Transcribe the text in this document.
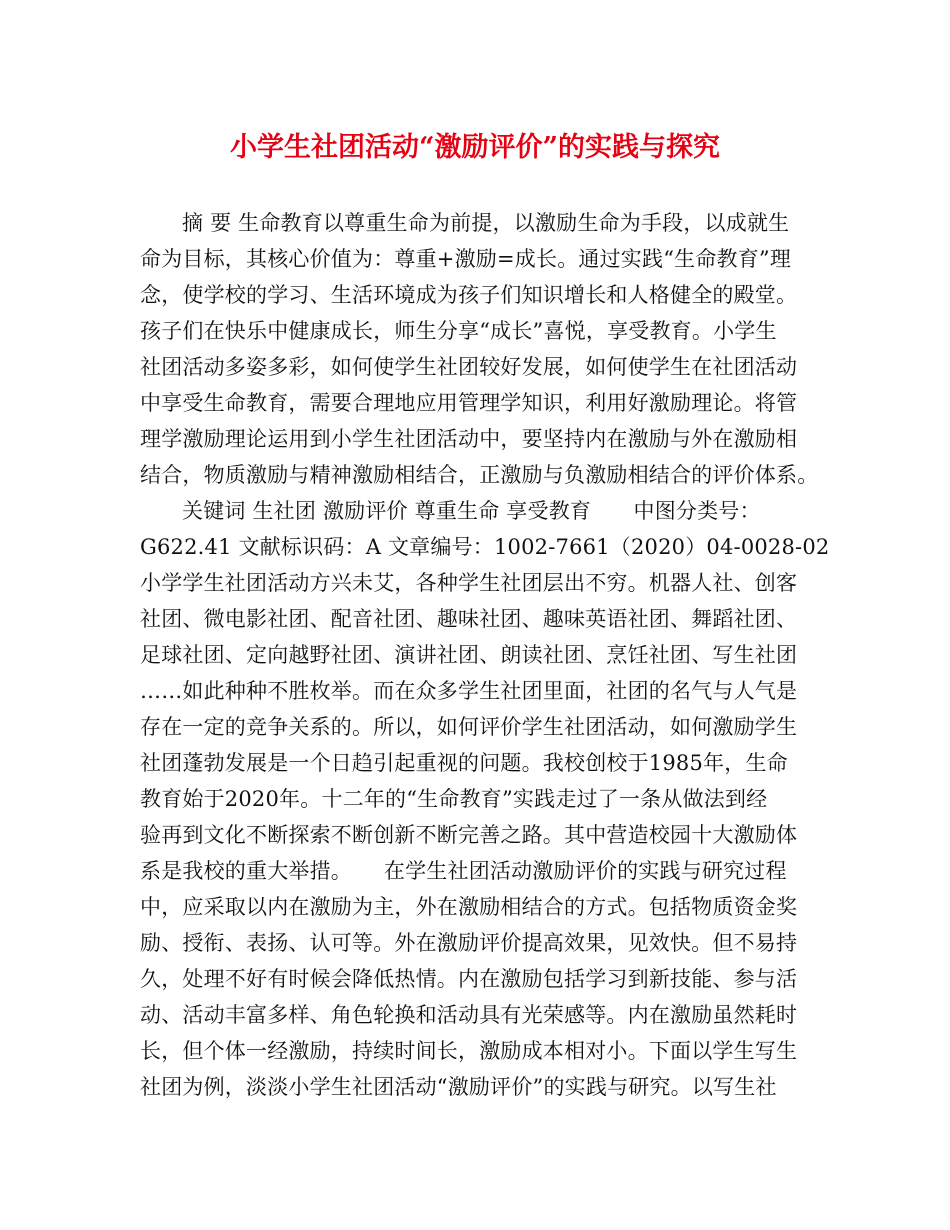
小学生社团活动“激励评价”的实践与探究
摘 要 生命教育以尊重生命为前提，以激励生命为手段，以成就生
命为目标，其核心价值为：尊重+激励=成长。通过实践“生命教育”理
念，使学校的学习、生活环境成为孩子们知识增长和人格健全的殿堂。
孩子们在快乐中健康成长，师生分享“成长”喜悦，享受教育。小学生
社团活动多姿多彩，如何使学生社团较好发展，如何使学生在社团活动
中享受生命教育，需要合理地应用管理学知识，利用好激励理论。将管
理学激励理论运用到小学生社团活动中，要坚持内在激励与外在激励相
结合，物质激励与精神激励相结合，正激励与负激励相结合的评价体系。
关键词 生社团 激励评价 尊重生命 享受教育　　中图分类号：
G622.41 文献标识码：A 文章编号：1002-7661（2020）04-0028-02
小学学生社团活动方兴未艾，各种学生社团层出不穷。机器人社、创客
社团、微电影社团、配音社团、趣味社团、趣味英语社团、舞蹈社团、
足球社团、定向越野社团、演讲社团、朗读社团、烹饪社团、写生社团
……如此种种不胜枚举。而在众多学生社团里面，社团的名气与人气是
存在一定的竞争关系的。所以，如何评价学生社团活动，如何激励学生
社团蓬勃发展是一个日趋引起重视的问题。我校创校于1985年，生命
教育始于2020年。十二年的“生命教育”实践走过了一条从做法到经
验再到文化不断探索不断创新不断完善之路。其中营造校园十大激励体
系是我校的重大举措。　　在学生社团活动激励评价的实践与研究过程
中，应采取以内在激励为主，外在激励相结合的方式。包括物质资金奖
励、授衔、表扬、认可等。外在激励评价提高效果，见效快。但不易持
久，处理不好有时候会降低热情。内在激励包括学习到新技能、参与活
动、活动丰富多样、角色轮换和活动具有光荣感等。内在激励虽然耗时
长，但个体一经激励，持续时间长，激励成本相对小。下面以学生写生
社团为例，淡淡小学生社团活动“激励评价”的实践与研究。以写生社
